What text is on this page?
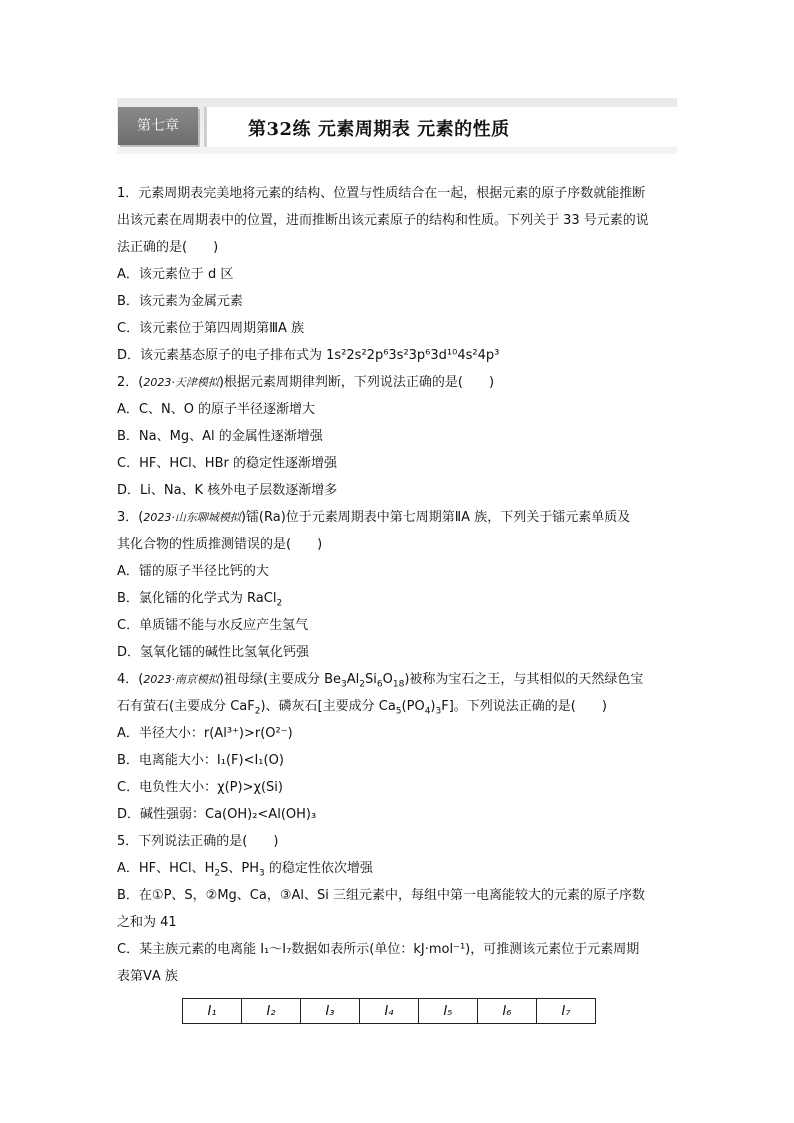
第七章	第32练 元素周期表 元素的性质
1．元素周期表完美地将元素的结构、位置与性质结合在一起，根据元素的原子序数就能推断
出该元素在周期表中的位置，进而推断出该元素原子的结构和性质。下列关于 33 号元素的说
法正确的是(　　)
A．该元素位于 d 区
B．该元素为金属元素
C．该元素位于第四周期第ⅢA 族
D．该元素基态原子的电子排布式为 1s²2s²2p⁶3s²3p⁶3d¹⁰4s²4p³
2．(2023·天津模拟)根据元素周期律判断，下列说法正确的是(　　)
A．C、N、O 的原子半径逐渐增大
B．Na、Mg、Al 的金属性逐渐增强
C．HF、HCl、HBr 的稳定性逐渐增强
D．Li、Na、K 核外电子层数逐渐增多
3．(2023·山东聊城模拟)镭(Ra)位于元素周期表中第七周期第ⅡA 族，下列关于镭元素单质及
其化合物的性质推测错误的是(　　)
A．镭的原子半径比钙的大
B．氯化镭的化学式为 RaCl$_2$
C．单质镭不能与水反应产生氢气
D．氢氧化镭的碱性比氢氧化钙强
4．(2023·南京模拟)祖母绿(主要成分 $Be_3Al_2Si_6O_{18}$)被称为宝石之王，与其相似的天然绿色宝
石有萤石(主要成分 CaF$_2$)、磷灰石[主要成分 $Ca_5(PO_4)_3F$]。下列说法正确的是(　　)
A．半径大小：r(Al³⁺)>r(O²⁻)
B．电离能大小：I₁(F)<I₁(O)
C．电负性大小：χ(P)>χ(Si)
D．碱性强弱：Ca(OH)₂<Al(OH)₃
5．下列说法正确的是(　　)
A．HF、HCl、$H_2S$、$PH_3$ 的稳定性依次增强
B．在①P、S，②Mg、Ca，③Al、Si 三组元素中，每组中第一电离能较大的元素的原子序数
之和为 41
C．某主族元素的电离能 I₁～I₇数据如表所示(单位：kJ·mol⁻¹)，可推测该元素位于元素周期
表第ⅤA 族
I₁	I₂	I₃	I₄	I₅	I₆	I₇
